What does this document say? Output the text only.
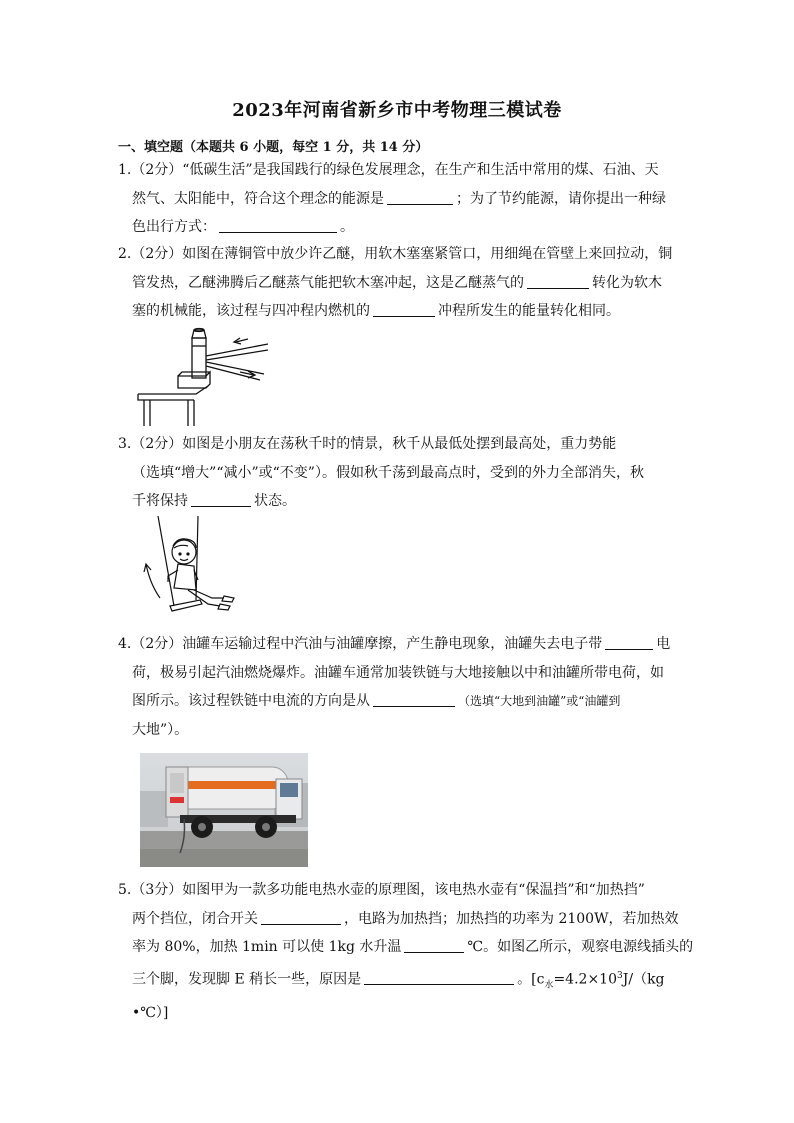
2023年河南省新乡市中考物理三模试卷
一、填空题（本题共 6 小题，每空 1 分，共 14 分）
1.（2分）“低碳生活”是我国践行的绿色发展理念，在生产和生活中常用的煤、石油、天
然气、太阳能中，符合这个理念的能源是	；为了节约能源，请你提出一种绿
色出行方式：	。
2.（2分）如图在薄铜管中放少许乙醚，用软木塞塞紧管口，用细绳在管壁上来回拉动，铜
管发热，乙醚沸腾后乙醚蒸气能把软木塞冲起，这是乙醚蒸气的	转化为软木
塞的机械能，该过程与四冲程内燃机的	冲程所发生的能量转化相同。
3.（2分）如图是小朋友在荡秋千时的情景，秋千从最低处摆到最高处，重力势能
（选填“增大”“减小”或“不变”）。假如秋千荡到最高点时，受到的外力全部消失，秋
千将保持	状态。
4.（2分）油罐车运输过程中汽油与油罐摩擦，产生静电现象，油罐失去电子带	电
荷，极易引起汽油燃烧爆炸。油罐车通常加装铁链与大地接触以中和油罐所带电荷，如
图所示。该过程铁链中电流的方向是从	（选填“大地到油罐”或“油罐到
大地”）。
5.（3分）如图甲为一款多功能电热水壶的原理图，该电热水壶有“保温挡”和“加热挡”
两个挡位，闭合开关	，电路为加热挡；加热挡的功率为 2100W，若加热效
率为 80%，加热 1min 可以使 1kg 水升温	℃。如图乙所示，观察电源线插头的
三个脚，发现脚 E 稍长一些，原因是	。[$c_水=4.2\times 10^3J/(kg$
•℃）]
